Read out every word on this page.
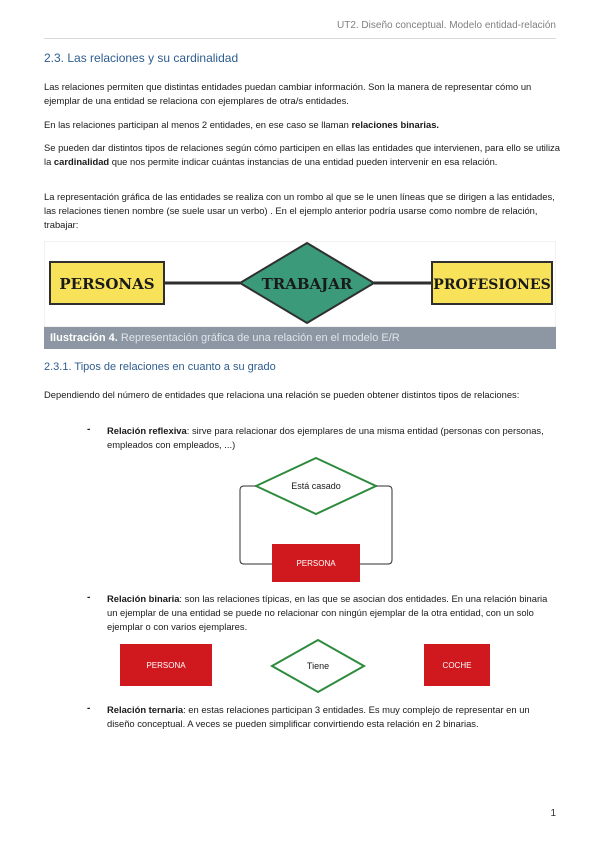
UT2. Diseño conceptual. Modelo entidad-relación
2.3. Las relaciones y su cardinalidad

Las relaciones permiten que distintas entidades puedan cambiar información. Son la manera de representar cómo un ejemplar de una entidad se relaciona con ejemplares de otra/s entidades.

En las relaciones participan al menos 2 entidades, en ese caso se llaman relaciones binarias.

Se pueden dar distintos tipos de relaciones según cómo participen en ellas las entidades que intervienen, para ello se utiliza la cardinalidad que nos permite indicar cuántas instancias de una entidad pueden intervenir en esa relación.

La representación gráfica de las entidades se realiza con un rombo al que se le unen líneas que se dirigen a las entidades, las relaciones tienen nombre (se suele usar un verbo) . En el ejemplo anterior podría usarse como nombre de relación, trabajar:

PERSONAS	TRABAJAR	PROFESIONES
Ilustración 4. Representación gráfica de una relación en el modelo E/R
2.3.1. Tipos de relaciones en cuanto a su grado

Dependiendo del número de entidades que relaciona una relación se pueden obtener distintos tipos de relaciones:

- Relación reflexiva: sirve para relacionar dos ejemplares de una misma entidad (personas con personas, empleados con empleados, ...)

Está casado
PERSONA
- Relación binaria: son las relaciones típicas, en las que se asocian dos entidades. En una relación binaria un ejemplar de una entidad se puede no relacionar con ningún ejemplar de la otra entidad, con un solo ejemplar o con varios ejemplares.

PERSONA	Tiene	COCHE
- Relación ternaria: en estas relaciones participan 3 entidades. Es muy complejo de representar en un diseño conceptual. A veces se pueden simplificar convirtiendo esta relación en 2 binarias.

1
